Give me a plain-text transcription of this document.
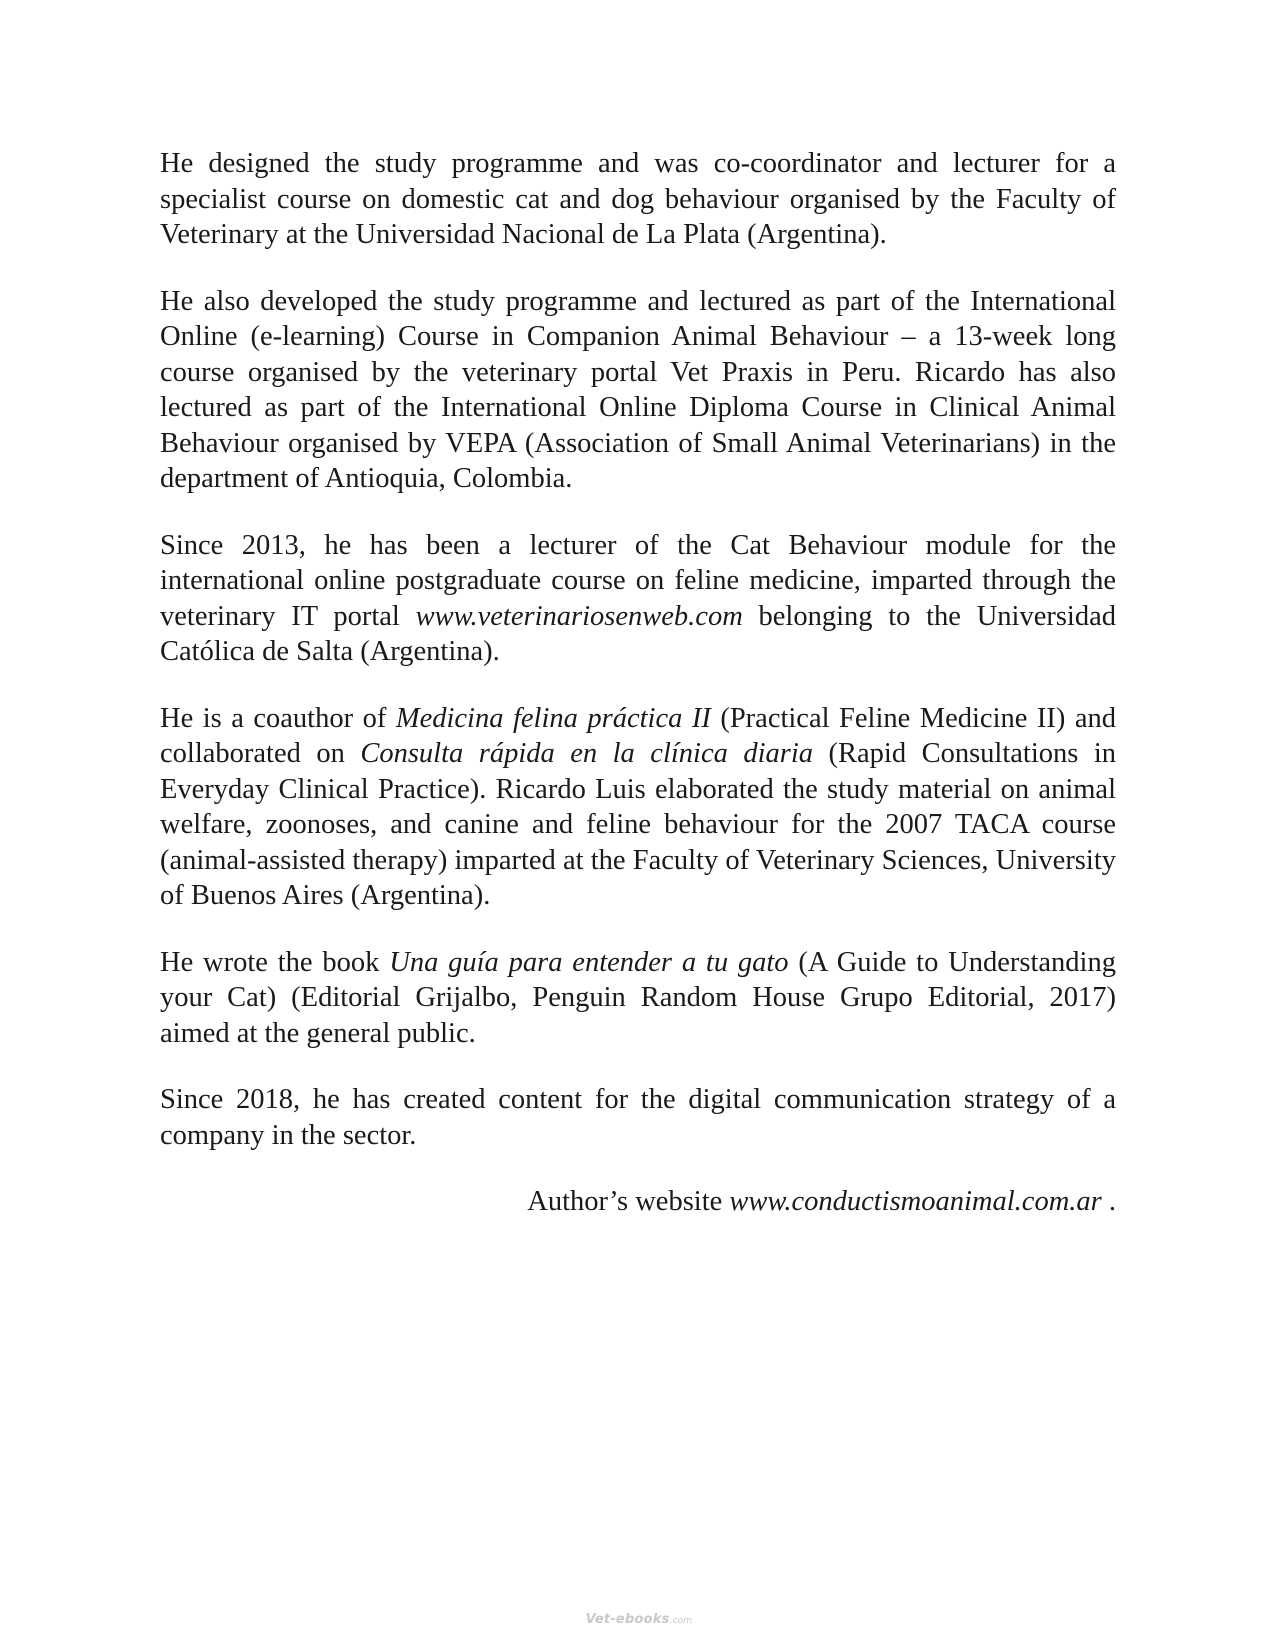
He designed the study programme and was co-coordinator and lecturer for a specialist course on domestic cat and dog behaviour organised by the Faculty of Veterinary at the Universidad Nacional de La Plata (Argentina).

He also developed the study programme and lectured as part of the International Online (e-learning) Course in Companion Animal Behaviour – a 13-week long course organised by the veterinary portal Vet Praxis in Peru. Ricardo has also lectured as part of the International Online Diploma Course in Clinical Animal Behaviour organised by VEPA (Association of Small Animal Veterinarians) in the department of Antioquia, Colombia.

Since 2013, he has been a lecturer of the Cat Behaviour module for the international online postgraduate course on feline medicine, imparted through the veterinary IT portal www.veterinariosenweb.com belonging to the Universidad Católica de Salta (Argentina).

He is a coauthor of Medicina felina práctica II (Practical Feline Medicine II) and collaborated on Consulta rápida en la clínica diaria (Rapid Consultations in Everyday Clinical Practice). Ricardo Luis elaborated the study material on animal welfare, zoonoses, and canine and feline behaviour for the 2007 TACA course (animal-assisted therapy) imparted at the Faculty of Veterinary Sciences, University of Buenos Aires (Argentina).

He wrote the book Una guía para entender a tu gato (A Guide to Understanding your Cat) (Editorial Grijalbo, Penguin Random House Grupo Editorial, 2017) aimed at the general public.

Since 2018, he has created content for the digital communication strategy of a company in the sector.

Author’s website www.conductismoanimal.com.ar .

Vet-ebooks.com
